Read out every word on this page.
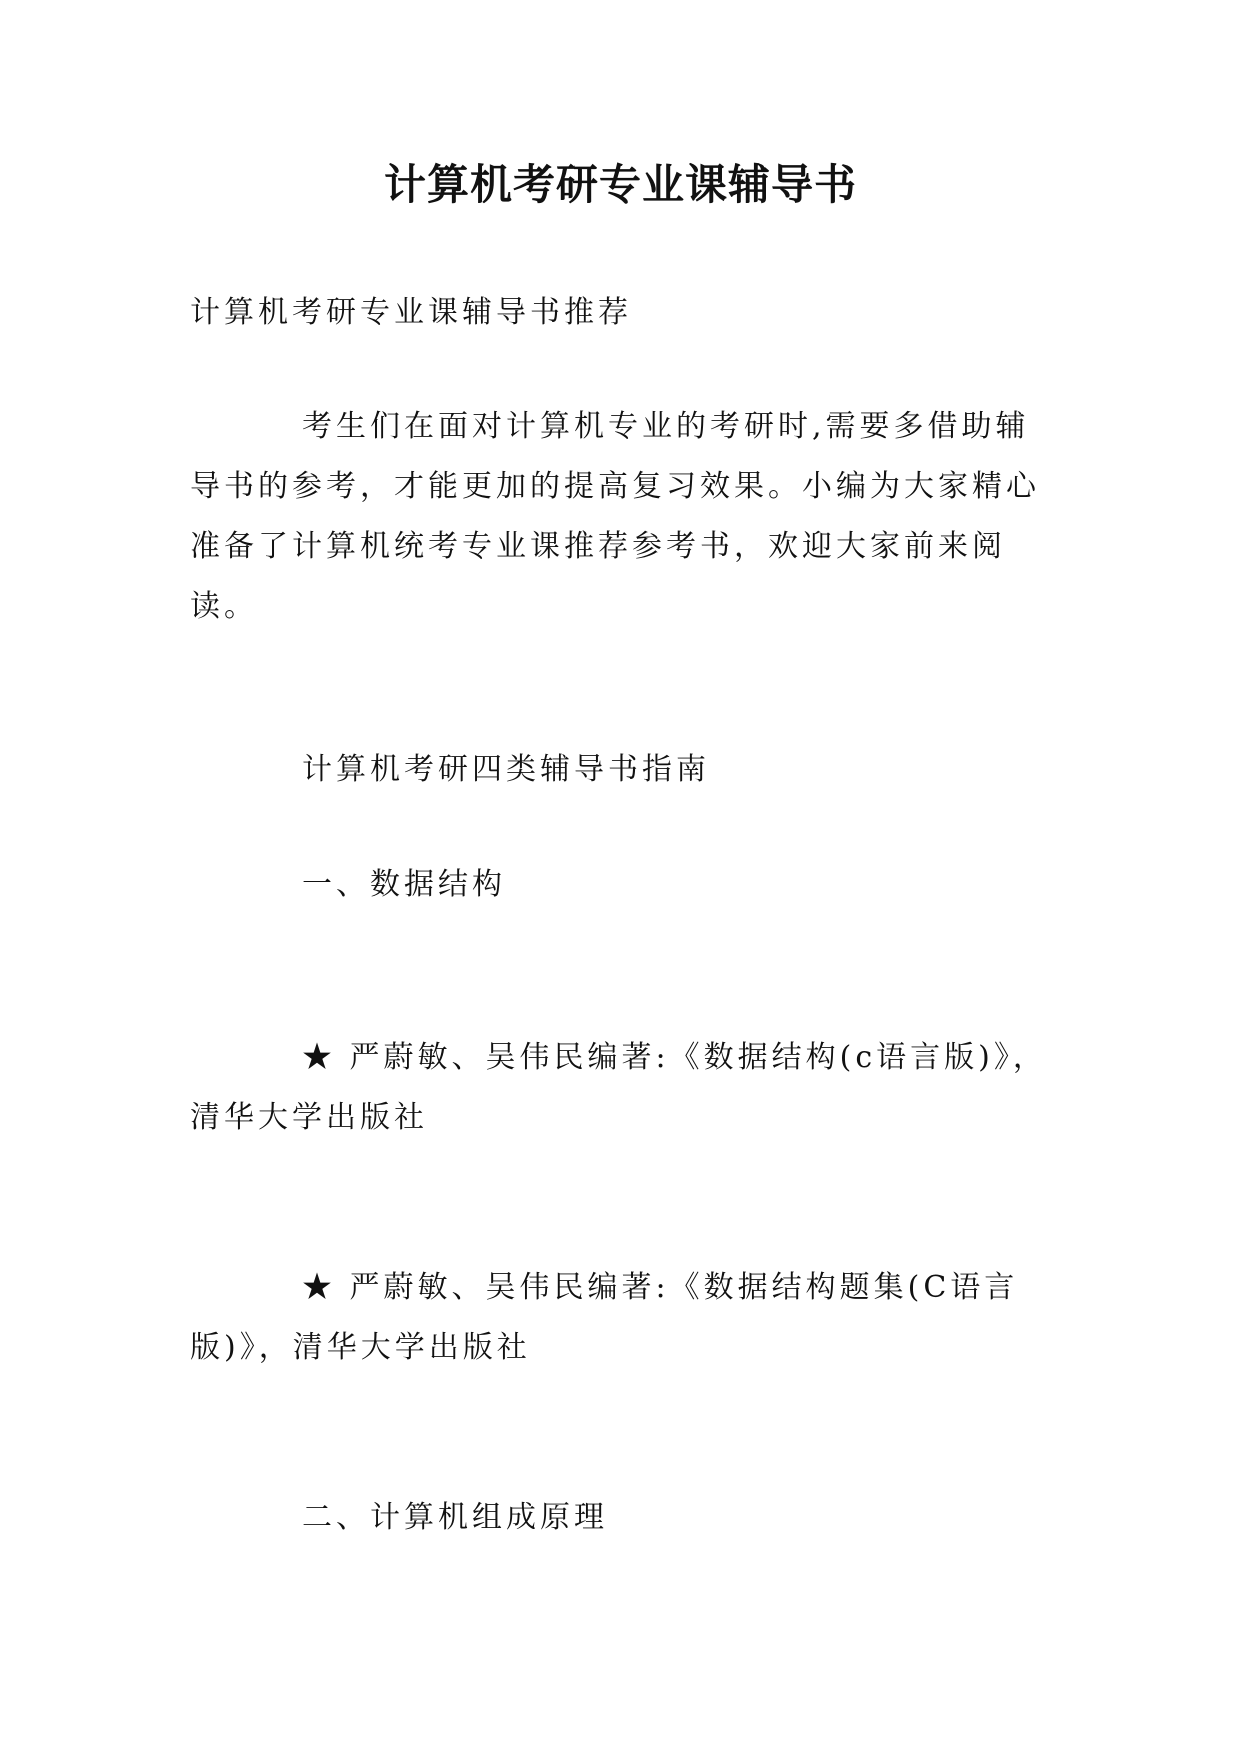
计算机考研专业课辅导书

计算机考研专业课辅导书推荐

考生们在面对计算机专业的考研时,需要多借助辅导书的参考，才能更加的提高复习效果。小编为大家精心准备了计算机统考专业课推荐参考书，欢迎大家前来阅读。

计算机考研四类辅导书指南

一、数据结构

★ 严蔚敏、吴伟民编著:《数据结构(c语言版)》，清华大学出版社

★ 严蔚敏、吴伟民编著:《数据结构题集(C语言版)》，清华大学出版社

二、计算机组成原理
